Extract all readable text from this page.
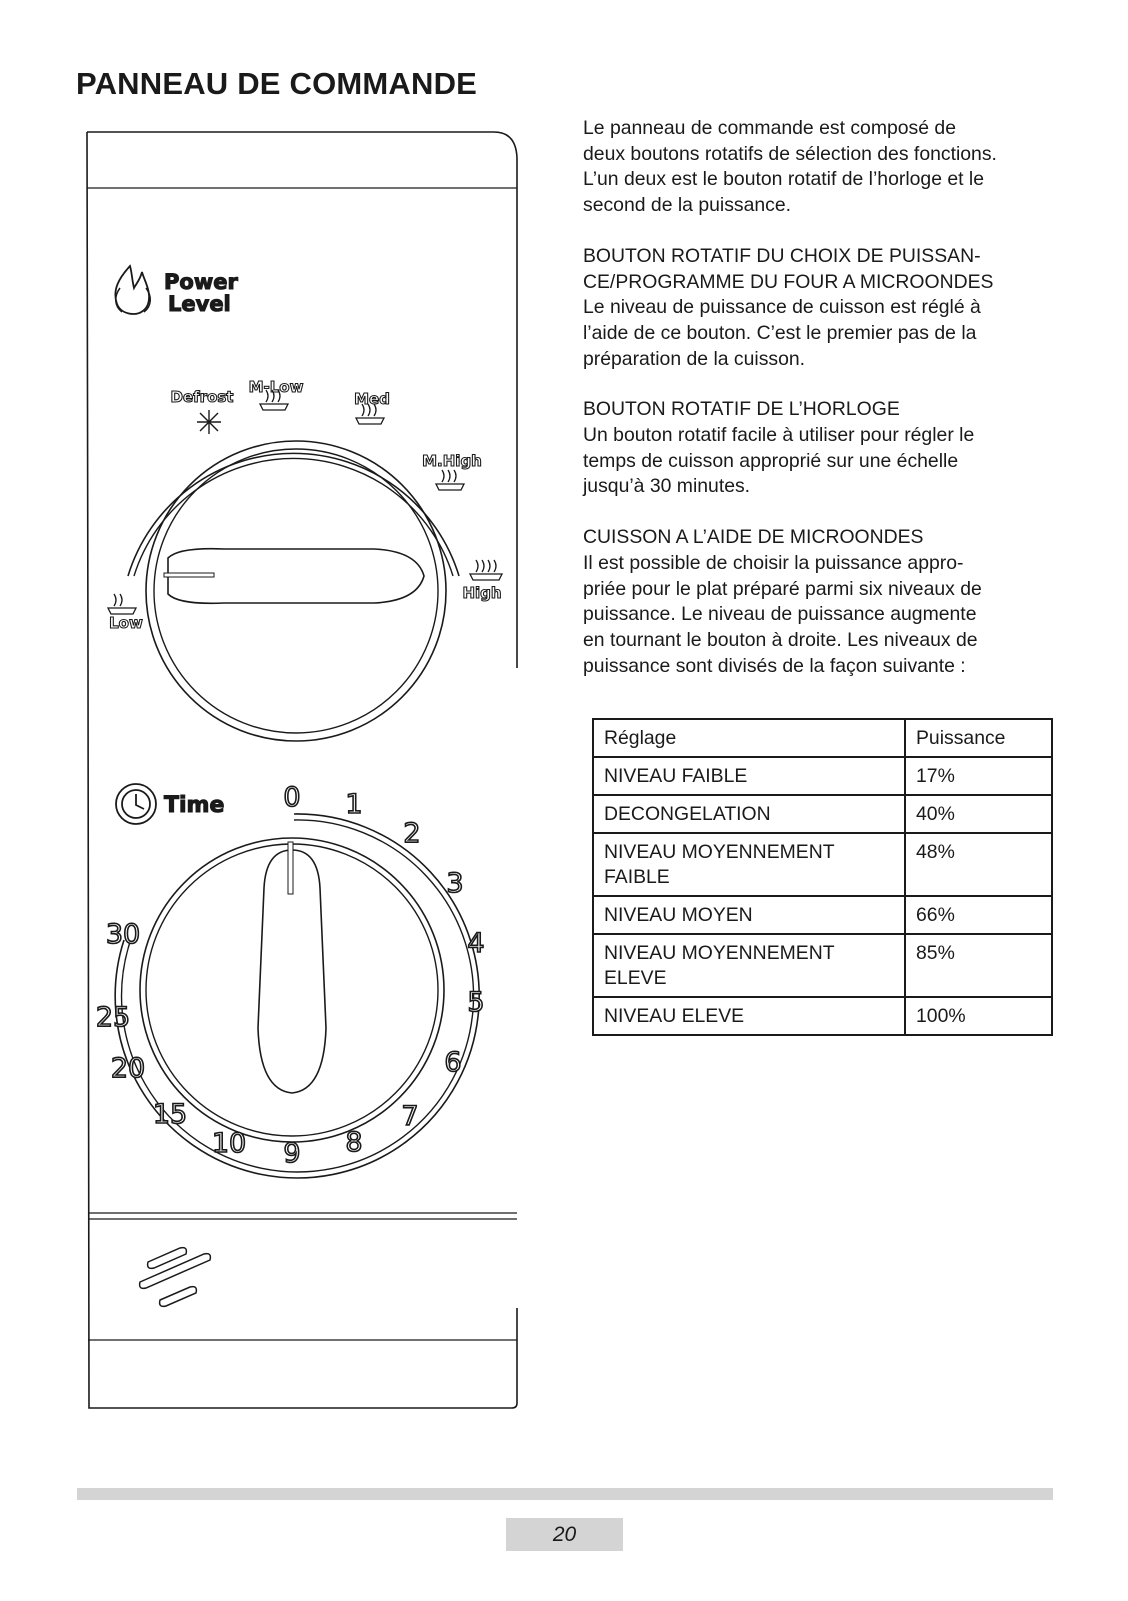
PANNEAU DE COMMANDE
Power
Level
Low
Defrost
M-Low
Med
M.High
High
Time 0 1
2
3
4
5
6
7
8
9
10
15
20
25
30

Le panneau de commande est composé de
deux boutons rotatifs de sélection des fonctions.
L’un deux est le bouton rotatif de l’horloge et le
second de la puissance.

BOUTON ROTATIF DU CHOIX DE PUISSAN-
CE/PROGRAMME DU FOUR A MICROONDES
Le niveau de puissance de cuisson est réglé à
l’aide de ce bouton. C’est le premier pas de la
préparation de la cuisson.

BOUTON ROTATIF DE L’HORLOGE
Un bouton rotatif facile à utiliser pour régler le
temps de cuisson approprié sur une échelle
jusqu’à 30 minutes.

CUISSON A L’AIDE DE MICROONDES
Il est possible de choisir la puissance appro-
priée pour le plat préparé parmi six niveaux de
puissance. Le niveau de puissance augmente
en tournant le bouton à droite. Les niveaux de
puissance sont divisés de la façon suivante :

Réglage	Puissance
NIVEAU FAIBLE	17%
DECONGELATION	40%
NIVEAU MOYENNEMENT FAIBLE	48%
NIVEAU MOYEN	66%
NIVEAU MOYENNEMENT ELEVE	85%
NIVEAU ELEVE	100%
20
